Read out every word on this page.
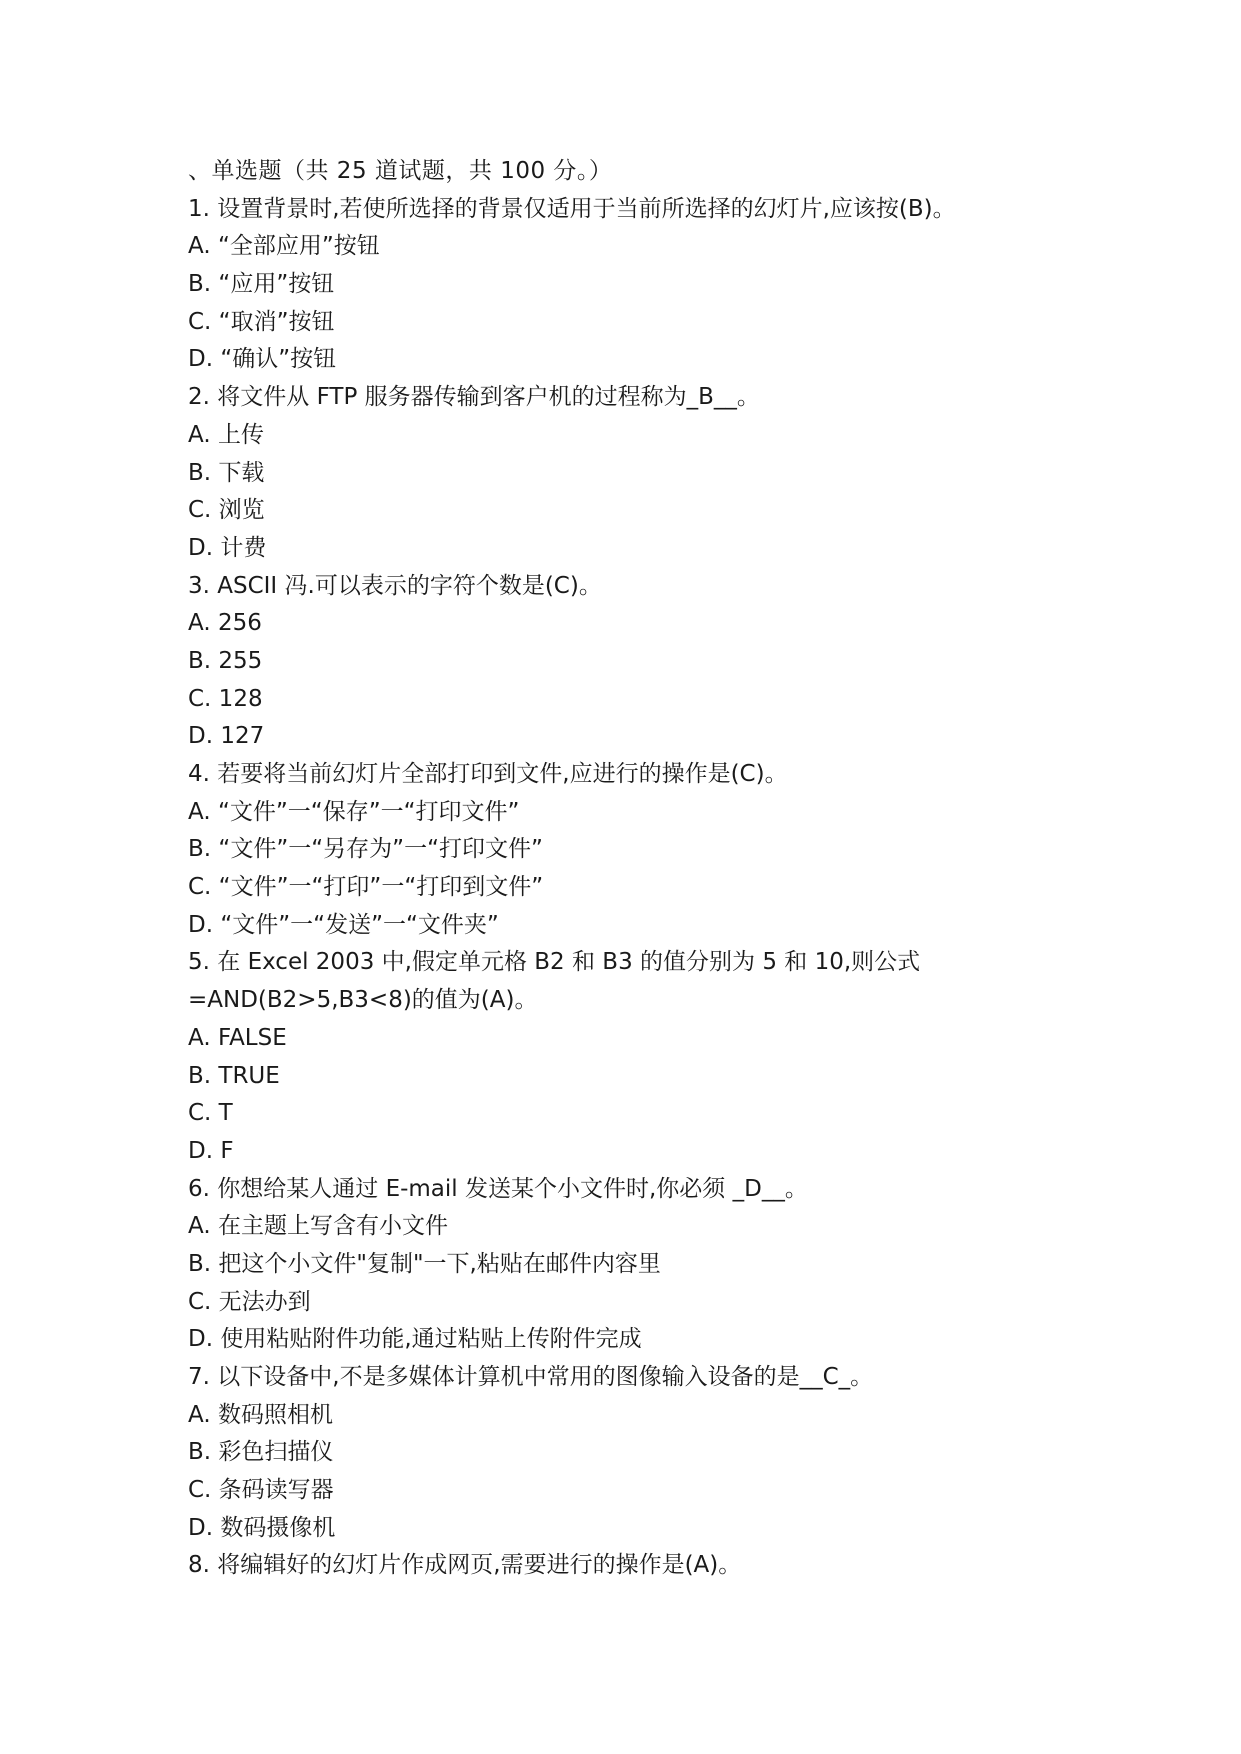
、单选题（共 25 道试题，共 100 分。）
1. 设置背景时,若使所选择的背景仅适用于当前所选择的幻灯片,应该按(B)。
A. “全部应用”按钮
B. “应用”按钮
C. “取消”按钮
D. “确认”按钮
2. 将文件从 FTP 服务器传输到客户机的过程称为_B__。
A. 上传
B. 下载
C. 浏览
D. 计费
3. ASCII 冯.可以表示的字符个数是(C)。
A. 256
B. 255
C. 128
D. 127
4. 若要将当前幻灯片全部打印到文件,应进行的操作是(C)。
A. “文件”一“保存”一“打印文件”
B. “文件”一“另存为”一“打印文件”
C. “文件”一“打印”一“打印到文件”
D. “文件”一“发送”一“文件夹”
5. 在 Excel 2003 中,假定单元格 B2 和 B3 的值分别为 5 和 10,则公式
=AND(B2>5,B3<8)的值为(A)。
A. FALSE
B. TRUE
C. T
D. F
6. 你想给某人通过 E-mail 发送某个小文件时,你必须 _D__。
A. 在主题上写含有小文件
B. 把这个小文件"复制"一下,粘贴在邮件内容里
C. 无法办到
D. 使用粘贴附件功能,通过粘贴上传附件完成
7. 以下设备中,不是多媒体计算机中常用的图像输入设备的是__C_。
A. 数码照相机
B. 彩色扫描仪
C. 条码读写器
D. 数码摄像机
8. 将编辑好的幻灯片作成网页,需要进行的操作是(A)。
